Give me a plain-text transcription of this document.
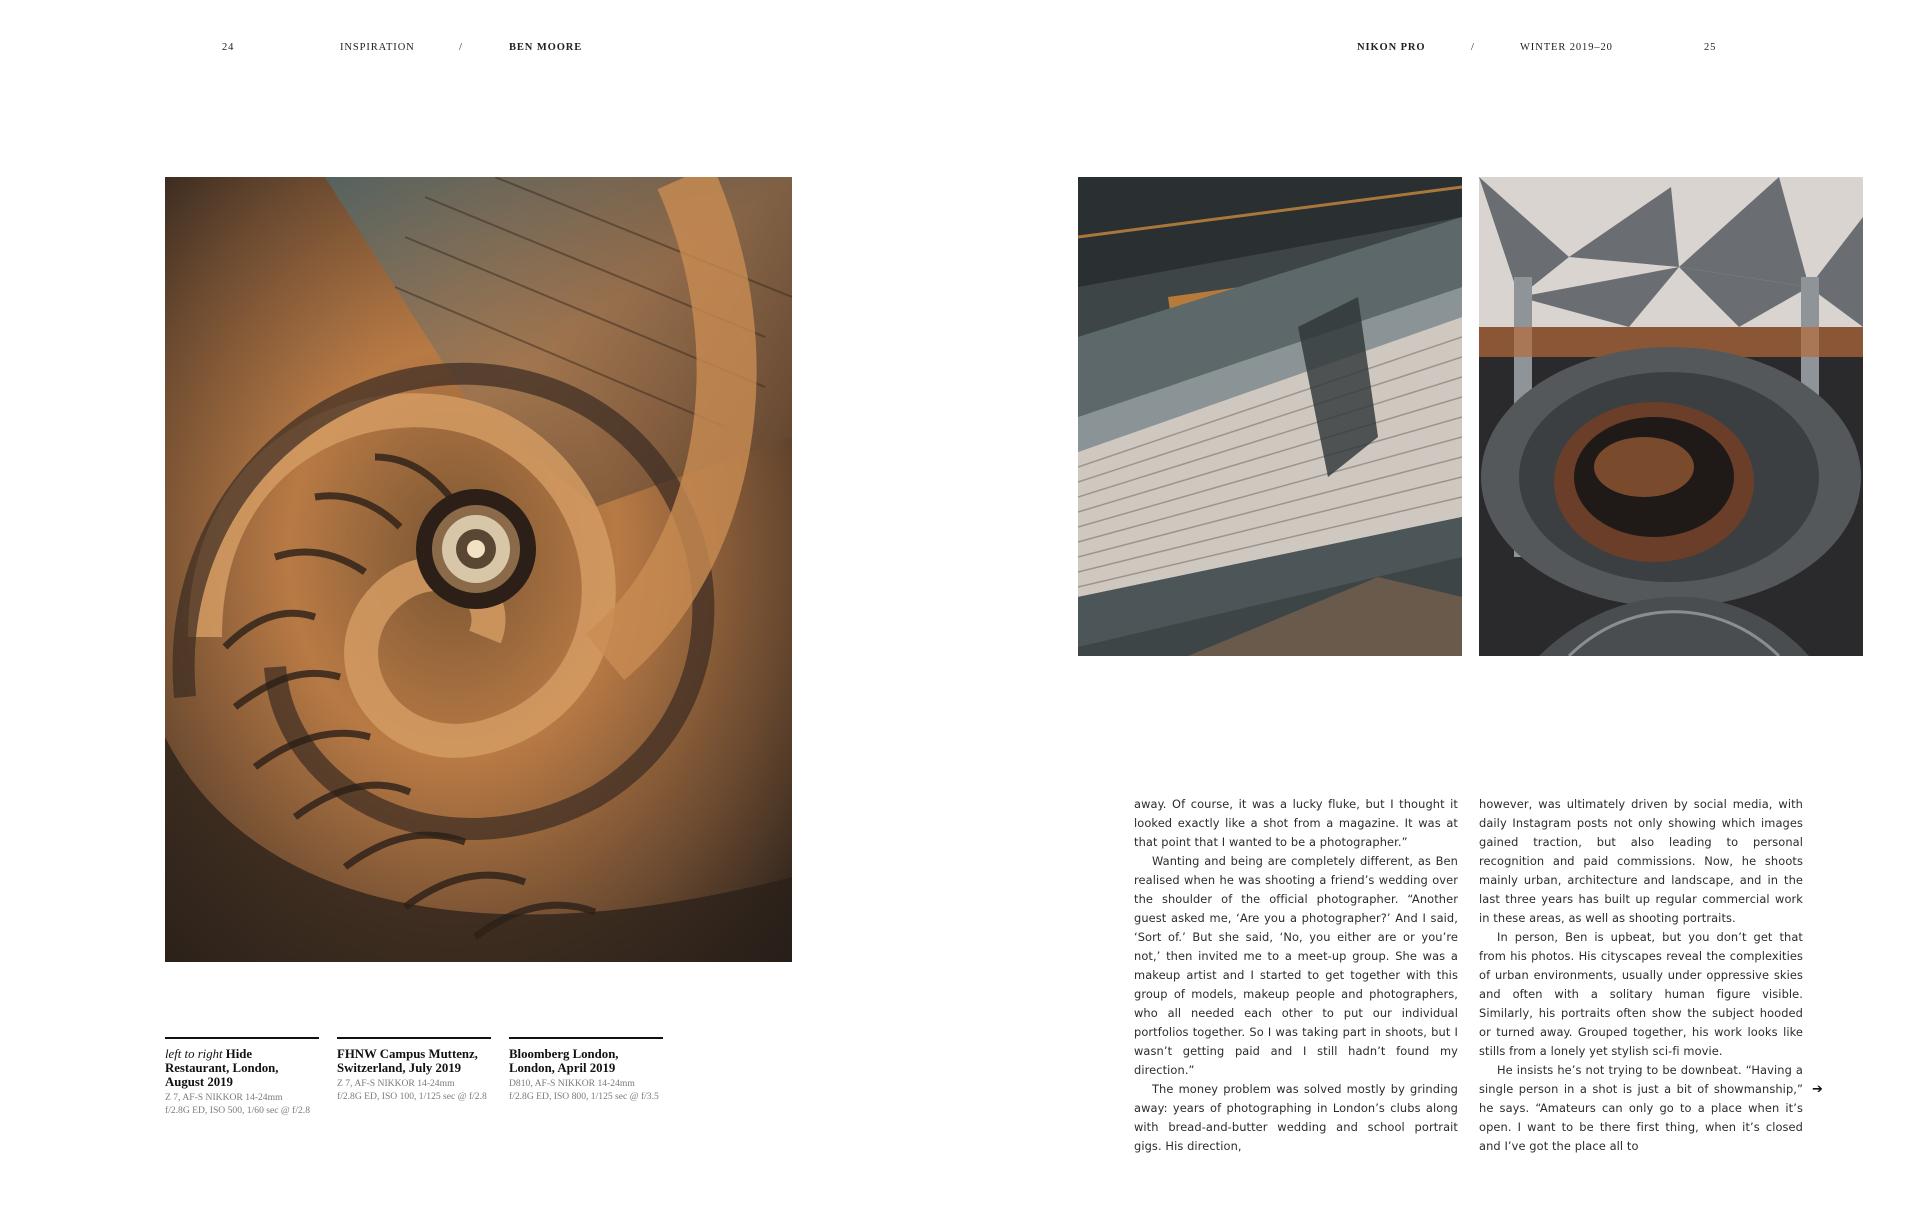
24	INSPIRATION	/	BEN MOORE	NIKON PRO	/	WINTER 2019–20	25
left to right Hide Restaurant, London, August 2019
Z 7, AF-S NIKKOR 14-24mm
f/2.8G ED, ISO 500, 1/60 sec @ f/2.8
FHNW Campus Muttenz, Switzerland, July 2019
Z 7, AF-S NIKKOR 14-24mm
f/2.8G ED, ISO 100, 1/125 sec @ f/2.8
Bloomberg London, London, April 2019
D810, AF-S NIKKOR 14-24mm
f/2.8G ED, ISO 800, 1/125 sec @ f/3.5

away. Of course, it was a lucky fluke, but I thought it looked exactly like a shot from a magazine. It was at that point that I wanted to be a photographer.”

Wanting and being are completely different, as Ben realised when he was shooting a friend’s wedding over the shoulder of the official photographer. “Another guest asked me, ‘Are you a photographer?’ And I said, ‘Sort of.’ But she said, ‘No, you either are or you’re not,’ then invited me to a meet-up group. She was a makeup artist and I started to get together with this group of models, makeup people and photographers, who all needed each other to put our individual portfolios together. So I was taking part in shoots, but I wasn’t getting paid and I still hadn’t found my direction.”

The money problem was solved mostly by grinding away: years of photographing in London’s clubs along with bread-and-butter wedding and school portrait gigs. His direction,

however, was ultimately driven by social media, with daily Instagram posts not only showing which images gained traction, but also leading to personal recognition and paid commissions. Now, he shoots mainly urban, architecture and landscape, and in the last three years has built up regular commercial work in these areas, as well as shooting portraits.

In person, Ben is upbeat, but you don’t get that from his photos. His cityscapes reveal the complexities of urban environments, usually under oppressive skies and often with a solitary human figure visible. Similarly, his portraits often show the subject hooded or turned away. Grouped together, his work looks like stills from a lonely yet stylish sci-fi movie.

He insists he’s not trying to be downbeat. “Having a single person in a shot is just a bit of showmanship,” he says. “Amateurs can only go to a place when it’s open. I want to be there first thing, when it’s closed and I’ve got the place all to

➔
